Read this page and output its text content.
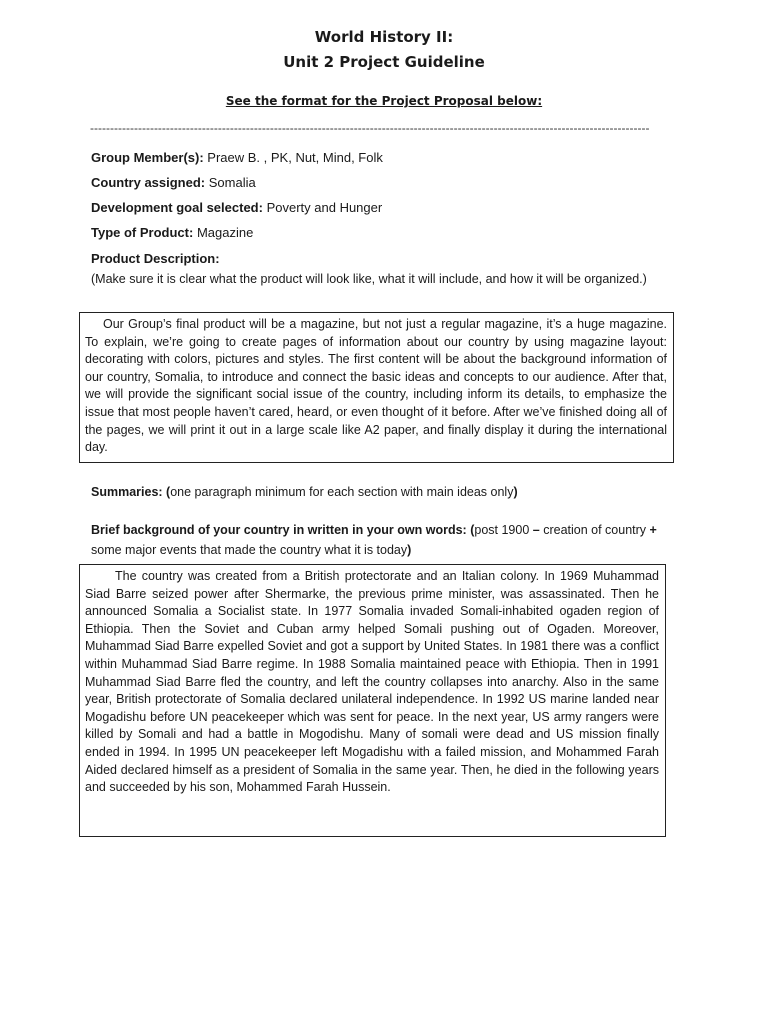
World History II:
Unit 2 Project Guideline
See the format for the Project Proposal below:
--------------------------------------------------------------------------------------------------------------------------------------------
Group Member(s): Praew B. , PK, Nut, Mind, Folk
Country assigned: Somalia
Development goal selected: Poverty and Hunger
Type of Product: Magazine
Product Description:
(Make sure it is clear what the product will look like, what it will include, and how it will be organized.)
Our Group’s final product will be a magazine, but not just a regular magazine, it’s a huge magazine. To explain, we’re going to create pages of information about our country by using magazine layout: decorating with colors, pictures and styles. The first content will be about the background information of our country, Somalia, to introduce and connect the basic ideas and concepts to our audience. After that, we will provide the significant social issue of the country, including inform its details, to emphasize the issue that most people haven’t cared, heard, or even thought of it before. After we’ve finished doing all of the pages, we will print it out in a large scale like A2 paper, and finally display it during the international day.
Summaries: (one paragraph minimum for each section with main ideas only)
Brief background of your country in written in your own words: (post 1900 – creation of country + some major events that made the country what it is today)
The country was created from a British protectorate and an Italian colony. In 1969 Muhammad Siad Barre seized power after Shermarke, the previous prime minister, was assassinated. Then he announced Somalia a Socialist state. In 1977 Somalia invaded Somali-inhabited ogaden region of Ethiopia. Then the Soviet and Cuban army helped Somali pushing out of Ogaden. Moreover, Muhammad Siad Barre expelled Soviet and got a support by United States. In 1981 there was a conflict within Muhammad Siad Barre regime. In 1988 Somalia maintained peace with Ethiopia. Then in 1991 Muhammad Siad Barre fled the country, and left the country collapses into anarchy. Also in the same year, British protectorate of Somalia declared unilateral independence. In 1992 US marine landed near Mogadishu before UN peacekeeper which was sent for peace. In the next year, US army rangers were killed by Somali and had a battle in Mogodishu. Many of somali were dead and US mission finally ended in 1994. In 1995 UN peacekeeper left Mogadishu with a failed mission, and Mohammed Farah Aided declared himself as a president of Somalia in the same year. Then, he died in the following years and succeeded by his son, Mohammed Farah Hussein.
